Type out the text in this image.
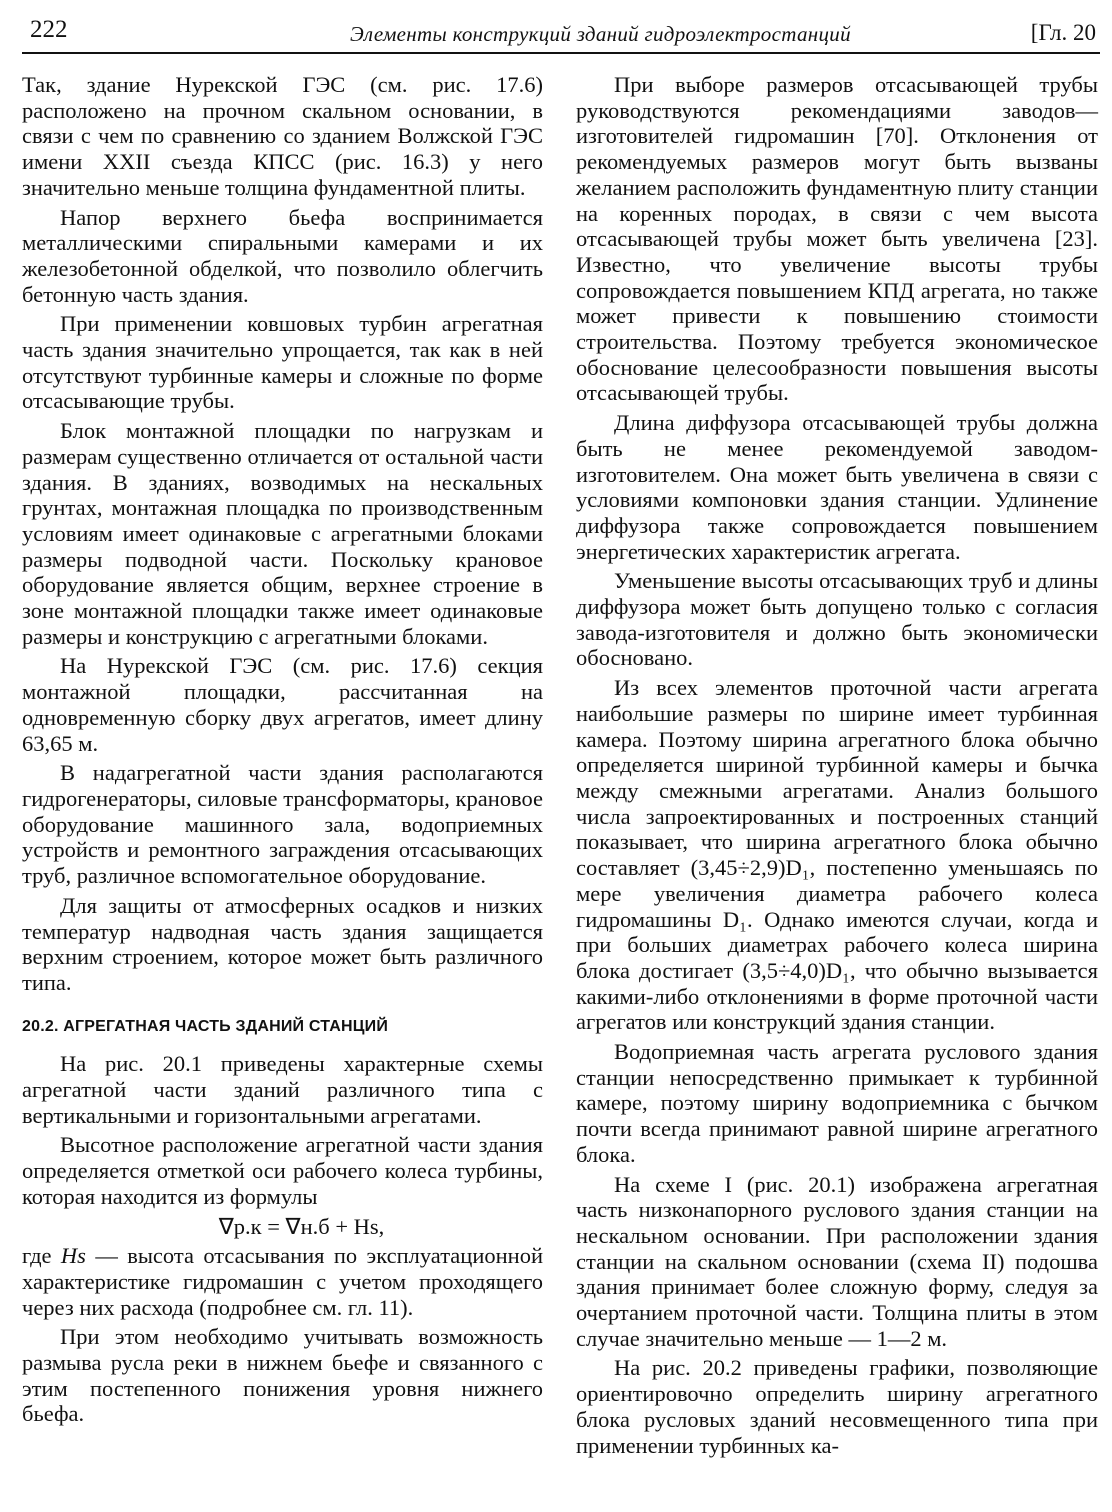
222	Элементы конструкций зданий гидроэлектростанций	[Гл. 20

Так, здание Нурекской ГЭС (см. рис. 17.6) расположено на прочном скальном основании, в связи с чем по сравнению со зданием Волжской ГЭС имени XXII съезда КПСС (рис. 16.3) у него значительно меньше толщина фундаментной плиты.

Напор верхнего бьефа воспринимается металлическими спиральными камерами и их железобетонной обделкой, что позволило облегчить бетонную часть здания.

При применении ковшовых турбин агрегатная часть здания значительно упрощается, так как в ней отсутствуют турбинные камеры и сложные по форме отсасывающие трубы.

Блок монтажной площадки по нагрузкам и размерам существенно отличается от остальной части здания. В зданиях, возводимых на нескальных грунтах, монтажная площадка по производственным условиям имеет одинаковые с агрегатными блоками размеры подводной части. Поскольку крановое оборудование является общим, верхнее строение в зоне монтажной площадки также имеет одинаковые размеры и конструкцию с агрегатными блоками.

На Нурекской ГЭС (см. рис. 17.6) секция монтажной площадки, рассчитанная на одновременную сборку двух агрегатов, имеет длину 63,65 м.

В надагрегатной части здания располагаются гидрогенераторы, силовые трансформаторы, крановое оборудование машинного зала, водоприемных устройств и ремонтного заграждения отсасывающих труб, различное вспомогательное оборудование.

Для защиты от атмосферных осадков и низких температур надводная часть здания защищается верхним строением, которое может быть различного типа.

20.2. АГРЕГАТНАЯ ЧАСТЬ ЗДАНИЙ СТАНЦИЙ

На рис. 20.1 приведены характерные схемы агрегатной части зданий различного типа с вертикальными и горизонтальными агрегатами.

Высотное расположение агрегатной части здания определяется отметкой оси рабочего колеса турбины, которая находится из формулы

∇р.к = ∇н.б + Hs,

где Hs — высота отсасывания по эксплуатационной характеристике гидромашин с учетом проходящего через них расхода (подробнее см. гл. 11).

При этом необходимо учитывать возможность размыва русла реки в нижнем бьефе и связанного с этим постепенного понижения уровня нижнего бьефа.

При выборе размеров отсасывающей трубы руководствуются рекомендациями заводов—изготовителей гидромашин [70]. Отклонения от рекомендуемых размеров могут быть вызваны желанием расположить фундаментную плиту станции на коренных породах, в связи с чем высота отсасывающей трубы может быть увеличена [23]. Известно, что увеличение высоты трубы сопровождается повышением КПД агрегата, но также может привести к повышению стоимости строительства. Поэтому требуется экономическое обоснование целесообразности повышения высоты отсасывающей трубы.

Длина диффузора отсасывающей трубы должна быть не менее рекомендуемой заводом-изготовителем. Она может быть увеличена в связи с условиями компоновки здания станции. Удлинение диффузора также сопровождается повышением энергетических характеристик агрегата.

Уменьшение высоты отсасывающих труб и длины диффузора может быть допущено только с согласия завода-изготовителя и должно быть экономически обосновано.

Из всех элементов проточной части агрегата наибольшие размеры по ширине имеет турбинная камера. Поэтому ширина агрегатного блока обычно определяется шириной турбинной камеры и бычка между смежными агрегатами. Анализ большого числа запроектированных и построенных станций показывает, что ширина агрегатного блока обычно составляет (3,45÷2,9)D₁, постепенно уменьшаясь по мере увеличения диаметра рабочего колеса гидромашины D₁. Однако имеются случаи, когда и при больших диаметрах рабочего колеса ширина блока достигает (3,5÷4,0)D₁, что обычно вызывается какими-либо отклонениями в форме проточной части агрегатов или конструкций здания станции.

Водоприемная часть агрегата руслового здания станции непосредственно примыкает к турбинной камере, поэтому ширину водоприемника с бычком почти всегда принимают равной ширине агрегатного блока.

На схеме I (рис. 20.1) изображена агрегатная часть низконапорного руслового здания станции на нескальном основании. При расположении здания станции на скальном основании (схема II) подошва здания принимает более сложную форму, следуя за очертанием проточной части. Толщина плиты в этом случае значительно меньше — 1—2 м.

На рис. 20.2 приведены графики, позволяющие ориентировочно определить ширину агрегатного блока русловых зданий несовмещенного типа при применении турбинных ка-
